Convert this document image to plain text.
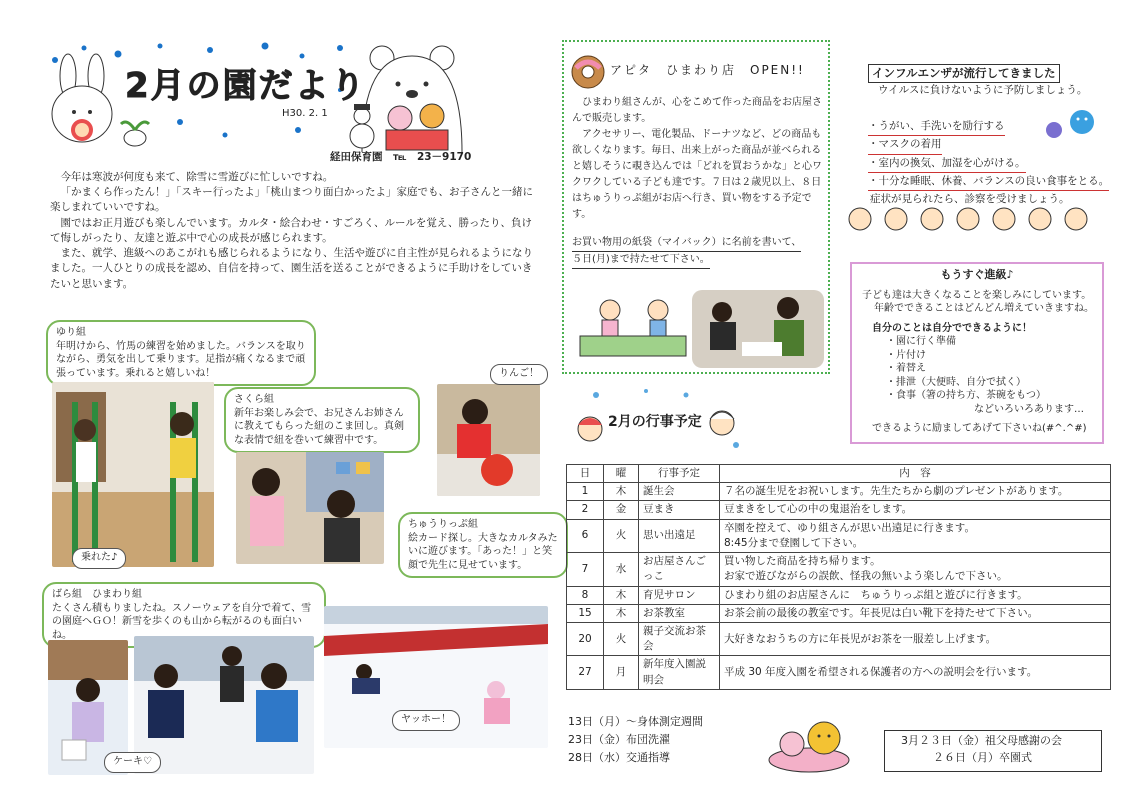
2月の園だより
H30. 2. 1
経田保育園　℡　23－9170

今年は寒波が何度も来て、除雪に雪遊びに忙しいですね。

「かまくら作ったん！」「スキー行ったよ」「桃山まつり面白かったよ」家庭でも、お子さんと一緒に楽しまれていいですね。

園ではお正月遊びも楽しんでいます。カルタ・絵合わせ・すごろく、ルールを覚え、勝ったり、負けて悔しがったり、友達と遊ぶ中で心の成長が感じられます。

また、就学、進級へのあこがれも感じられるようになり、生活や遊びに自主性が見られるようになりました。一人ひとりの成長を認め、自信を持って、園生活を送ることができるように手助けをしていきたいと思います。

ゆり組
年明けから、竹馬の練習を始めました。バランスを取りながら、勇気を出して乗ります。足指が痛くなるまで頑張っています。乗れると嬉しいね！
乗れた♪
さくら組
新年お楽しみ会で、お兄さんお姉さんに教えてもらった紐のこま回し。真剣な表情で紐を巻いて練習中です。
りんご！
ちゅうりっぷ組
絵カード探し。大きなカルタみたいに遊びます。「あった！」と笑顔で先生に見せています。
ばら組　ひまわり組
たくさん積もりましたね。スノーウェアを自分で着て、雪の園庭へＧＯ！新雪を歩くのも山から転がるのも面白いね。
ケーキ♡
ヤッホー！
アピタ　ひまわり店　OPEN!!

ひまわり組さんが、心をこめて作った商品をお店屋さんで販売します。

アクセサリー、電化製品、ドーナツなど、どの商品も欲しくなります。毎日、出来上がった商品が並べられると嬉しそうに覗き込んでは「どれを買おうかな」と心ワクワクしている子ども達です。７日は２歳児以上、８日はちゅうりっぷ組がお店へ行き、買い物をする予定です。

お買い物用の紙袋（マイバック）に名前を書いて、 ５日(月)まで持たせて下さい。
インフルエンザが流行してきました
ウイルスに負けないように予防しましょう。
・うがい、手洗いを励行する
・マスクの着用
・室内の換気、加湿を心がける。
・十分な睡眠、休養、バランスの良い食事をとる。
症状が見られたら、診察を受けましょう。
もうすぐ進級♪
子ども達は大きくなることを楽しみにしています。
年齢でできることはどんどん増えていきますね。
自分のことは自分でできるように！
・園に行く準備
・片付け
・着替え
・排泄（大便時、自分で拭く）
・食事（箸の持ち方、茶碗をもつ）
などいろいろあります…
できるように励ましてあげて下さいね(#^.^#)
2月の行事予定
日	曜	行事予定	内　容
1	木	誕生会	７名の誕生児をお祝いします。先生たちから劇のプレゼントがあります。
2	金	豆まき	豆まきをして心の中の鬼退治をします。
6	火	思い出遠足	卒園を控えて、ゆり組さんが思い出遠足に行きます。
8:45分まで登園して下さい。

7	水	お店屋さんごっこ	買い物した商品を持ち帰ります。
お家で遊びながらの誤飲、怪我の無いよう楽しんで下さい。

8	木	育児サロン	ひまわり組のお店屋さんに　ちゅうりっぷ組と遊びに行きます。
15	木	お茶教室	お茶会前の最後の教室です。年長児は白い靴下を持たせて下さい。
20	火	親子交流お茶会	大好きなおうちの方に年長児がお茶を一服差し上げます。
27	月	新年度入園説明会	平成 30 年度入園を希望される保護者の方への説明会を行います。
13日（月）～身体測定週間
23日（金）布団洗濯
28日（水）交通指導
3月２３日（金）祖父母感謝の会
２６日（月）卒園式
